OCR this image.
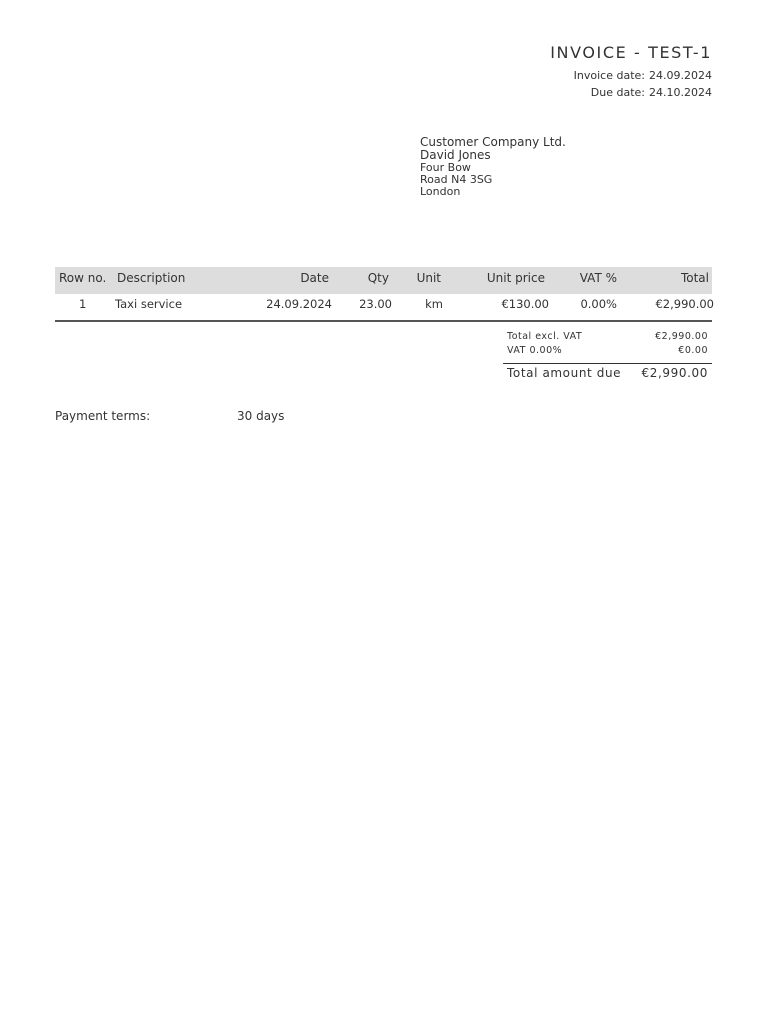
INVOICE - TEST-1
Invoice date: 24.09.2024
Due date: 24.10.2024
Customer Company Ltd.
David Jones
Four Bow
Road N4 3SG
London
Row no. Description	Date	Qty Unit	Unit price	VAT %	Total
1 Taxi service	24.09.2024 23.00	km	€130.00	0.00%	€2,990.00
Total excl. VAT	€2,990.00
VAT 0.00%	€0.00
Total amount due €2,990.00
Payment terms:	30 days
